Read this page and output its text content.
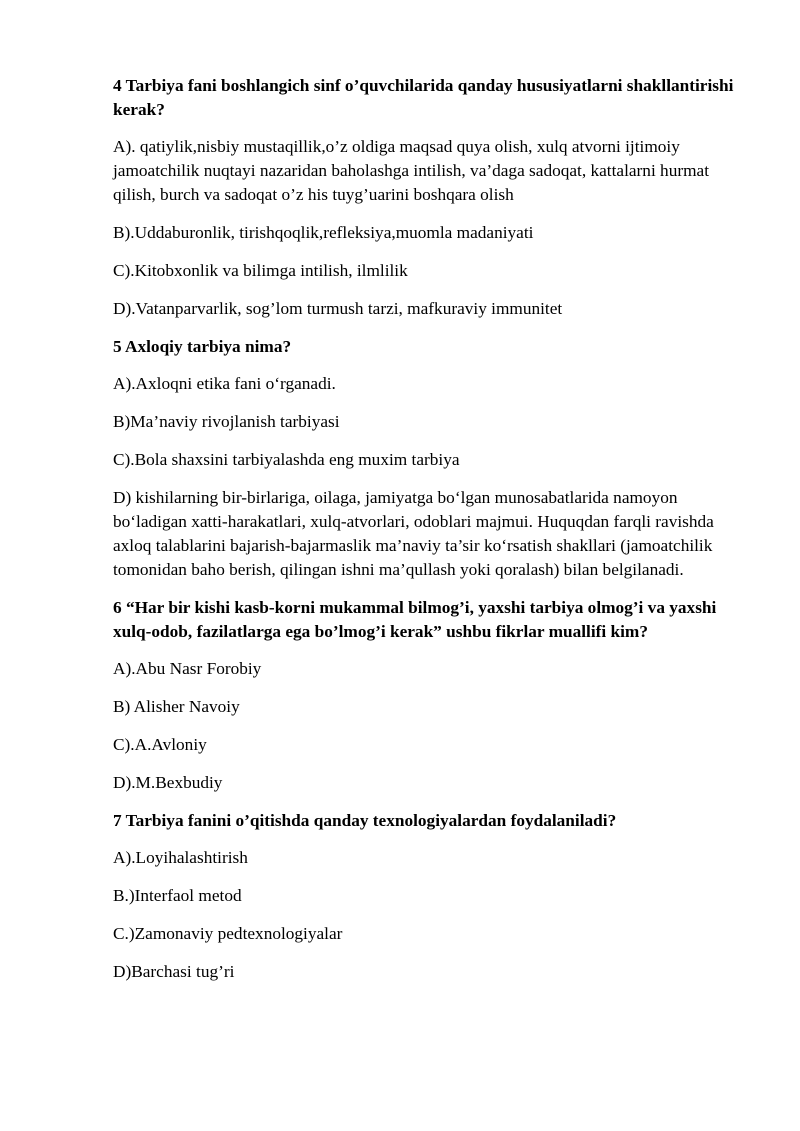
4 Tarbiya fani boshlangich sinf o’quvchilarida qanday hususiyatlarni shakllantirishi kerak?

A). qatiylik,nisbiy mustaqillik,o’z oldiga maqsad quya olish, xulq atvorni ijtimoiy jamoatchilik nuqtayi nazaridan baholashga intilish, va’daga sadoqat, kattalarni hurmat qilish, burch va sadoqat o’z his tuyg’uarini boshqara olish

B).Uddaburonlik, tirishqoqlik,refleksiya,muomla madaniyati

C).Kitobxonlik va bilimga intilish, ilmlilik

D).Vatanparvarlik, sog’lom turmush tarzi, mafkuraviy immunitet

5 Axloqiy tarbiya nima?

A).Axloqni etika fani o‘rganadi.

B)Ma’naviy rivojlanish tarbiyasi

C).Bola shaxsini tarbiyalashda eng muxim tarbiya

D) kishilarning bir-birlariga, oilaga, jamiyatga bo‘lgan munosabatlarida namoyon bo‘ladigan xatti-harakatlari, xulq-atvorlari, odoblari majmui. Huquqdan farqli ravishda axloq talablarini bajarish-bajarmaslik ma’naviy ta’sir ko‘rsatish shakllari (jamoatchilik tomonidan baho berish, qilingan ishni ma’qullash yoki qoralash) bilan belgilanadi.

6 “Har bir kishi kasb-korni mukammal bilmog’i, yaxshi tarbiya olmog’i va yaxshi xulq-odob, fazilatlarga ega bo’lmog’i kerak” ushbu fikrlar muallifi kim?

A).Abu Nasr Forobiy

B) Alisher Navoiy

C).A.Avloniy

D).M.Bexbudiy

7 Tarbiya fanini o’qitishda qanday texnologiyalardan foydalaniladi?

A).Loyihalashtirish

B.)Interfaol metod

C.)Zamonaviy pedtexnologiyalar

D)Barchasi tug’ri
